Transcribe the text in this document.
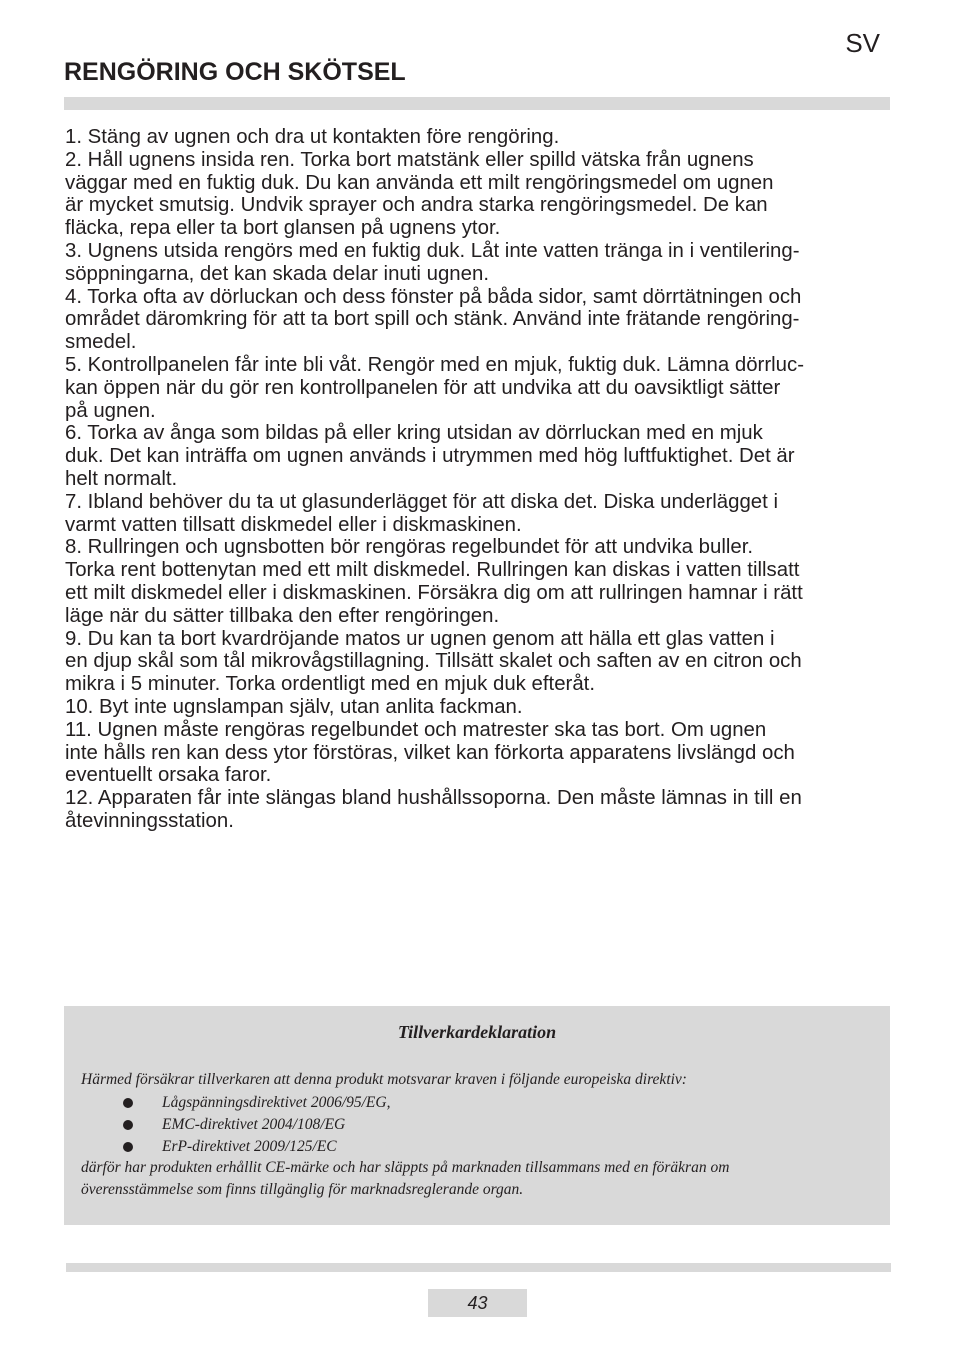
SV
RENGÖRING OCH SKÖTSEL

1. Stäng av ugnen och dra ut kontakten före rengöring.

2. Håll ugnens insida ren. Torka bort matstänk eller spilld vätska från ugnens

väggar med en fuktig duk. Du kan använda ett milt rengöringsmedel om ugnen

är mycket smutsig. Undvik sprayer och andra starka rengöringsmedel. De kan

fläcka, repa eller ta bort glansen på ugnens ytor.

3. Ugnens utsida rengörs med en fuktig duk. Låt inte vatten tränga in i ventilering-

söppningarna, det kan skada delar inuti ugnen.

4. Torka ofta av dörluckan och dess fönster på båda sidor, samt dörrtätningen och

området däromkring för att ta bort spill och stänk. Använd inte frätande rengöring-

smedel.

5. Kontrollpanelen får inte bli våt. Rengör med en mjuk, fuktig duk. Lämna dörrluc-

kan öppen när du gör ren kontrollpanelen för att undvika att du oavsiktligt sätter

på ugnen.

6. Torka av ånga som bildas på eller kring utsidan av dörrluckan med en mjuk

duk. Det kan inträffa om ugnen används i utrymmen med hög luftfuktighet. Det är

helt normalt.

7. Ibland behöver du ta ut glasunderlägget för att diska det. Diska underlägget i

varmt vatten tillsatt diskmedel eller i diskmaskinen.

8. Rullringen och ugnsbotten bör rengöras regelbundet för att undvika buller.

Torka rent bottenytan med ett milt diskmedel. Rullringen kan diskas i vatten tillsatt

ett milt diskmedel eller i diskmaskinen. Försäkra dig om att rullringen hamnar i rätt

läge när du sätter tillbaka den efter rengöringen.

9. Du kan ta bort kvardröjande matos ur ugnen genom att hälla ett glas vatten i

en djup skål som tål mikrovågstillagning. Tillsätt skalet och saften av en citron och

mikra i 5 minuter. Torka ordentligt med en mjuk duk efteråt.

10. Byt inte ugnslampan själv, utan anlita fackman.

11. Ugnen måste rengöras regelbundet och matrester ska tas bort. Om ugnen

inte hålls ren kan dess ytor förstöras, vilket kan förkorta apparatens livslängd och

eventuellt orsaka faror.

12. Apparaten får inte slängas bland hushållssoporna. Den måste lämnas in till en

åtevinningsstation.

Tillverkardeklaration
Härmed försäkrar tillverkaren att denna produkt motsvarar kraven i följande europeiska direktiv:
Lågspänningsdirektivet 2006/95/EG,
EMC-direktivet 2004/108/EG
ErP-direktivet 2009/125/EC

därför har produkten erhållit CE-märke och har släppts på marknaden tillsammans med en föräkran om

överensstämmelse som finns tillgänglig för marknadsreglerande organ.

43
